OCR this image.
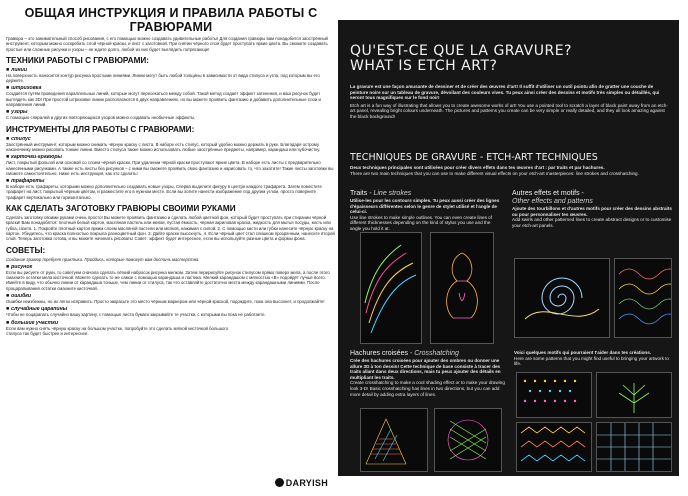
ОБЩАЯ ИНСТРУКЦИЯ И ПРАВИЛА РАБОТЫ С ГРАВЮРАМИ

Гравюра – это занимательный способ рисования, с его помощью можно создавать удивительные работы! Для создания гравюры вам понадобится заострённый инструмент, которым можно соскребать слой чёрной краски, и лист с заготовкой. При снятии чёрного слоя будет проступать яркие цвета. Вы сможете создавать простые или сложные рисунки и узоры – не ждите долго, любой из них будет выглядеть потрясающе!

ТЕХНИКИ РАБОТЫ С ГРАВЮРАМИ:
■ линии

На поверхность наносится контур рисунка простыми линиями. Линии могут быть любой толщины в зависимости от вида стилуса и угла, под которым вы его держите.

■ штриховка

Создаётся путём проведения параллельных линий, которые могут пересекаться между собой. Такой метод создаёт эффект затенения, и ваш рисунок будет выглядеть как 3D! При простой штриховке линии располагаются в двух направлениях, но вы можете проявить фантазию и добавить дополнительные слои и направления линий.

■ узоры

С помощью спиралей и других повторяющихся узоров можно создавать необычные эффекты.

ИНСТРУМЕНТЫ ДЛЯ РАБОТЫ С ГРАВЮРАМИ:
■ стилус

Заострённый инструмент, которым можно снимать чёрную краску с листа. В наборе есть стилус, который удобно можно держать в руке. Благодаря острому наконечнику можно рисовать тонкие линии. Вместо стилуса также можно использовать любые заострённые предметы, например, карандаш или зубочистку.

■ карточки-гравюры

Лист, покрытый фольгой или основой со слоем чёрной краски. При удалении чёрной краски проступают яркие цвета. В наборе есть листы с предварительно нанесёнными рисунками. А также есть листы без рисунков – с ними вы сможете проявить свою фантазию и нарисовать то, что захотите! Такие листы заготовки вы сможете самостоятельно. Ниже есть инструкция, как это сделать!

■ трафареты

В наборе есть трафареты, которыми можно дополнительно создавать новые узоры. Сперва выделите фигуру в центре каждого трафарета. Затем поместите трафарет на лист, покрытый чёрным цветом, и разместите его в нужном месте. Если вы хотите нанести изображение под другим углом, просто поверните трафарет вертикально или горизонтально.

КАК СДЕЛАТЬ ЗАГОТОВКУ ГРАВЮРЫ СВОИМИ РУКАМИ

Сделать заготовку своими руками очень просто! Вы можете проявить фантазию и сделать любой цветной фон, который будет проступать при стирании чёрной краски! Вам понадобятся: плотный белый картон, масляная пастель или мелки, пустая ёмкость, чёрная акриловая краска, жидкость для мытья посуды, кисть или губка, газета. 1. Покройте плотный картон ярким слоем масляной пастели или мелков, нажимая с силой. 2. С помощью кисти или губки нанесите чёрную краску на картон. Убедитесь, что краска полностью покрыла разноцветный фон. 3. Дайте краске высохнуть. 4. Если чёрный цвет стал слишком прозрачным, нанесите второй слой. Теперь заготовка готова, и вы можете начинать рисовать! Совет: эффект будет интереснее, если вы используйте разные цвета и формы фона.

СОВЕТЫ:

Создание гравюр требует практики. Пройдись, которые помогут вам достичь мастерства:

■ рисунок

Если вы рисуете от руки, то советуем сначала сделать лёгкий набросок рисунка мелком. Затем перерисуйте рисунок стилусом прямо поверх мела, а после этого смахните остатки мела кисточкой. Можете сделать то же самое с помощью карандаша и ластика. Мелкий карандашом с мягкостью «B» подойдёт лучше всего. Имейте в виду, что обычно линии от карандаша тоньше, чем линии от стилуса, так что оставляйте достаточно места между карандашными линиями. После процарапывания остатки смахните кисточкой.

■ ошибки

Ошибки неизбежны, но их легко исправить. Просто закрасьте это место чёрным маркером или чёрной краской, подождите, пока она высохнет, и продолжайте!

■ случайные царапины

Чтобы не поцарапать случайно вашу картину, с помощью листа бумаги закрывайте те участки, с которыми вы пока не работаете.

■ большие участки

Если вам нужно снять чёрную краску на большом участке, попробуйте это сделать мягкой кисточкой большого стилуса так будет быстрее и интереснее.

DARYISH
QU'EST-CE QUE LA GRAVURE?
WHAT IS ETCH ART?

La gravure est une façon amusante de dessiner et de créer des œuvres d'art! Il suffit d'utiliser un outil pointu afin de gratter une couche de peinture noire sur un tableau de gravure, dévoilant des couleurs vives. Tu peux ainsi créer des dessins et motifs très simples ou détaillés, qui seront tous magnifiques sur le fond noir!

Etch art is a fun way of illustrating that allows you to create awesome works of art! You use a pointed tool to scratch a layer of black paint away from an etch-art panel, revealing bright colours underneath. The pictures and patterns you create can be very simple or really detailed, and they all look amazing against the black background!

TECHNIQUES DE GRAVURE - ETCH-ART TECHNIQUES

Deux techniques principales sont utilisées pour créer divers effets dans tes œuvres d'art : par traits et par hachures.

There are two main techniques that you can use to make different visual effects on your etch-art masterpieces: line strokes and crosshatching.

Traits - Line strokes

Utilise-les pour les contours simples. Tu peux aussi créer des lignes d'épaisseurs différentes selon le genre de stylet utilisé et l'angle de celui-ci.

Use line strokes to make simple outlines. You can even create lines of different thicknesses depending on the kind of stylus you use and the angle you hold it at.

Autres effets et motifs -
Other effects and patterns

Ajoute des tourbillons et d'autres motifs pour créer des dessins abstraits ou pour personnaliser tes œuvres.

Add swirls and other patterned lines to create abstract designs or to customise your etch-art panels.

Hachures croisées - Crosshatching

Crée des hachures croisées pour ajouter des ombres ou donner une allure 3D à ton dessin! Cette technique de base consiste à tracer des traits allant dans deux directions, mais tu peux ajouter des détails en multipliant les traits.

Create crosshatching to make a cool shading effect or to make your drawing look 3-D! Basic crosshatching has lines in two directions, but you can add more detail by adding extra layers of lines.

Voici quelques motifs qui pourraient t'aider dans tes créations.

Here are some patterns that you might find useful to bringing your artwork to life.
